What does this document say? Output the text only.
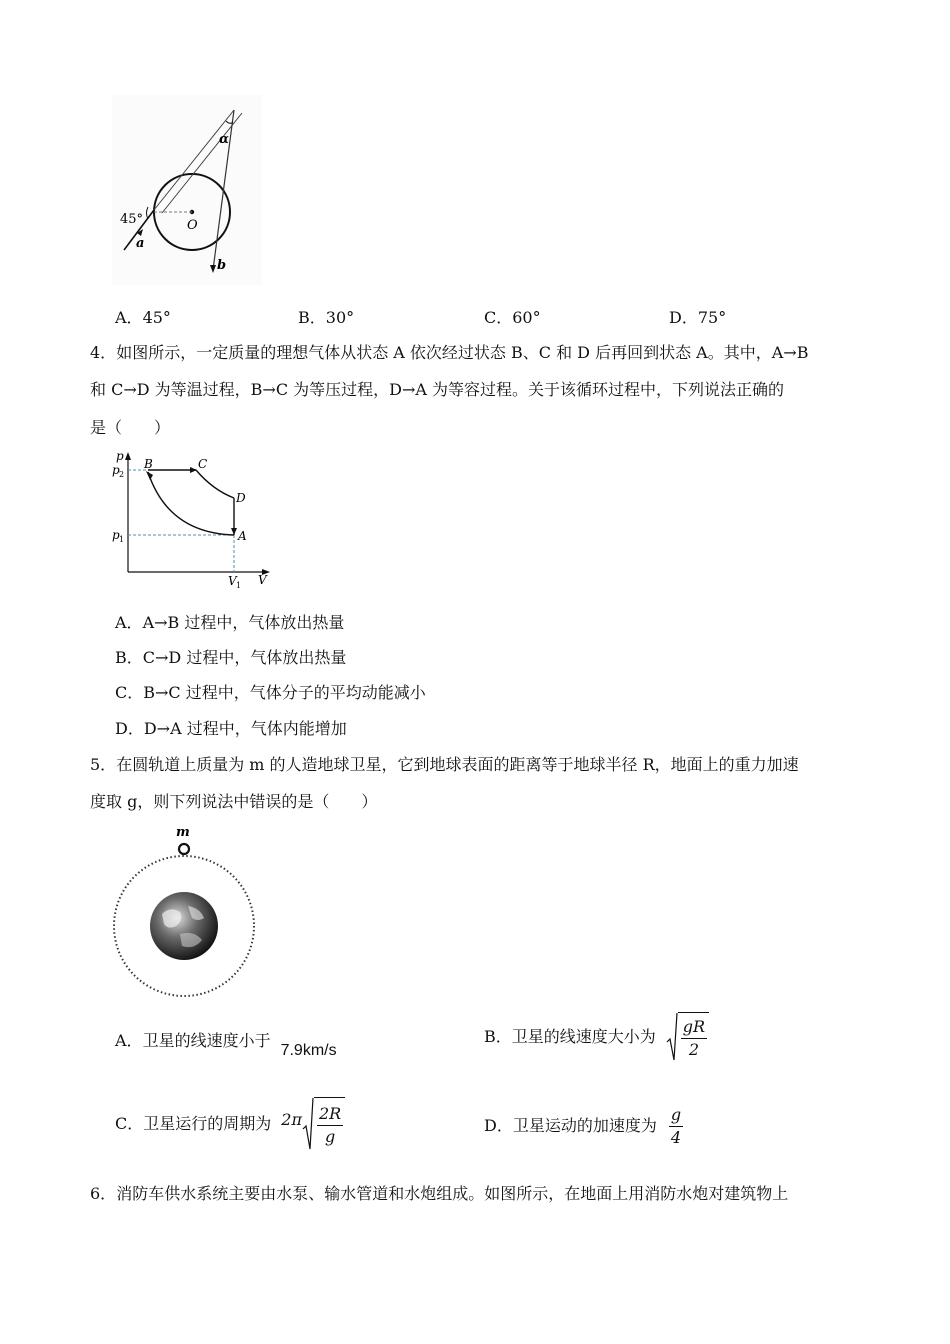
α
45°
a
b
O
A．45°	B．30°	C．60°	D．75°
4．如图所示，一定质量的理想气体从状态 A 依次经过状态 B、C 和 D 后再回到状态 A。其中，A→B
和 C→D 为等温过程，B→C 为等压过程，D→A 为等容过程。关于该循环过程中，下列说法正确的
是（　　）
p
V
p 2
p 1
V 1
A
B	C
D
A．A→B 过程中，气体放出热量
B．C→D 过程中，气体放出热量
C．B→C 过程中，气体分子的平均动能减小
D．D→A 过程中，气体内能增加
5．在圆轨道上质量为 m 的人造地球卫星，它到地球表面的距离等于地球半径 R，地面上的重力加速
度取 g，则下列说法中错误的是（　　）
m
A． 卫星的线速度小于
7.9km/s
B． 卫星的线速度大小为 $\frac{gR}{2}$
C． 卫星运行的周期为 $2\pi \frac{2R}{g}$	D． 卫星运动的加速度为 $\frac{g}{4}$
6．消防车供水系统主要由水泵、输水管道和水炮组成。如图所示，在地面上用消防水炮对建筑物上
